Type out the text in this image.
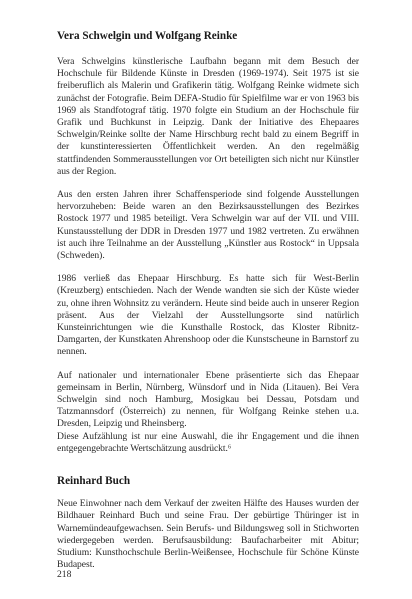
Vera Schwelgin und Wolfgang Reinke

Vera Schwelgins künstlerische Laufbahn begann mit dem Besuch der Hochschule für Bildende Künste in Dresden (1969-1974). Seit 1975 ist sie freiberuflich als Malerin und Grafikerin tätig. Wolfgang Reinke widmete sich zunächst der Fotografie. Beim DEFA-Studio für Spielfilme war er von 1963 bis 1969 als Standfotograf tätig. 1970 folgte ein Studium an der Hochschule für Grafik und Buchkunst in Leipzig. Dank der Initiative des Ehepaares Schwelgin/Reinke sollte der Name Hirschburg recht bald zu einem Begriff in der kunstinteressierten Öffentlichkeit werden. An den regelmäßig stattfindenden Sommerausstellungen vor Ort beteiligten sich nicht nur Künstler aus der Region.

Aus den ersten Jahren ihrer Schaffensperiode sind folgende Ausstellungen hervorzuheben: Beide waren an den Bezirksausstellungen des Bezirkes Rostock 1977 und 1985 beteiligt. Vera Schwelgin war auf der VII. und VIII. Kunstausstellung der DDR in Dresden 1977 und 1982 vertreten. Zu erwähnen ist auch ihre Teilnahme an der Ausstellung „Künstler aus Rostock“ in Uppsala (Schweden).

1986 verließ das Ehepaar Hirschburg. Es hatte sich für West-Berlin (Kreuzberg) entschieden. Nach der Wende wandten sie sich der Küste wieder zu, ohne ihren Wohnsitz zu verändern. Heute sind beide auch in unserer Region präsent. Aus der Vielzahl der Ausstellungsorte sind natürlich Kunsteinrichtungen wie die Kunsthalle Rostock, das Kloster Ribnitz-Damgarten, der Kunstkaten Ahrenshoop oder die Kunstscheune in Barnstorf zu nennen.

Auf nationaler und internationaler Ebene präsentierte sich das Ehepaar gemeinsam in Berlin, Nürnberg, Wünsdorf und in Nida (Litauen). Bei Vera Schwelgin sind noch Hamburg, Mosigkau bei Dessau, Potsdam und Tatzmannsdorf (Österreich) zu nennen, für Wolfgang Reinke stehen u.a. Dresden, Leipzig und Rheinsberg.

Diese Aufzählung ist nur eine Auswahl, die ihr Engagement und die ihnen entgegengebrachte Wertschätzung ausdrückt.⁶

Reinhard Buch

Neue Einwohner nach dem Verkauf der zweiten Hälfte des Hauses wurden der Bildhauer Reinhard Buch und seine Frau. Der gebürtige Thüringer ist in Warnemündeaufgewachsen. Sein Berufs- und Bildungsweg soll in Stichworten wiedergegeben werden. Berufsausbildung: Baufacharbeiter mit Abitur; Studium: Kunsthochschule Berlin-Weißensee, Hochschule für Schöne Künste Budapest.

218
